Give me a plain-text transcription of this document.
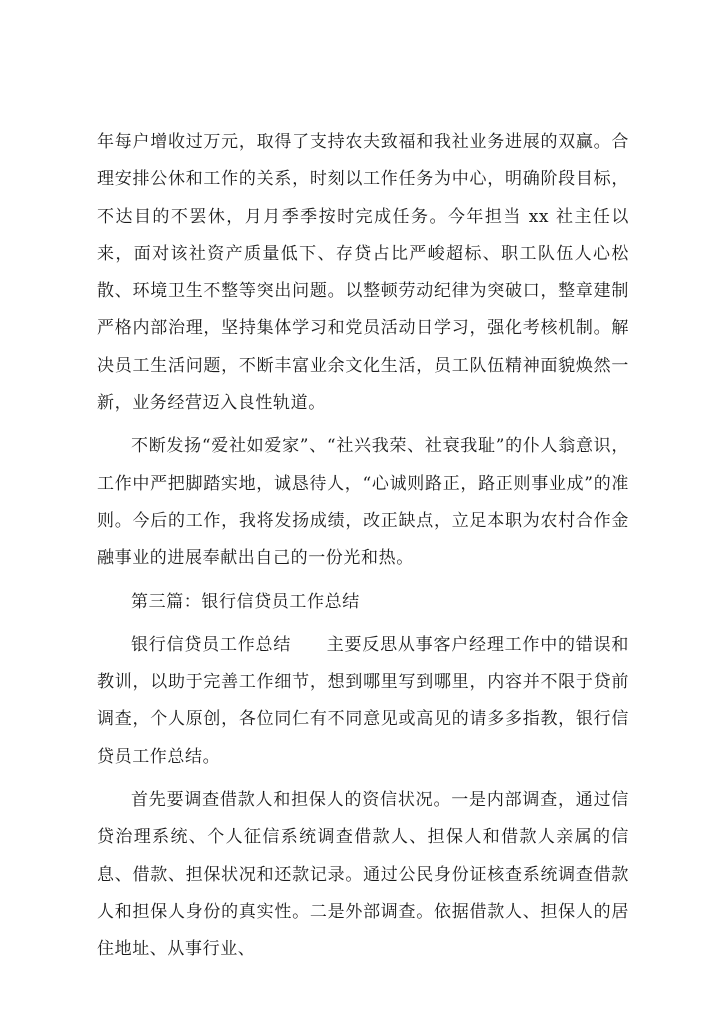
年每户增收过万元，取得了支持农夫致福和我社业务进展的双赢。合理安排公休和工作的关系，时刻以工作任务为中心，明确阶段目标，不达目的不罢休，月月季季按时完成任务。今年担当 xx 社主任以来，面对该社资产质量低下、存贷占比严峻超标、职工队伍人心松散、环境卫生不整等突出问题。以整顿劳动纪律为突破口，整章建制严格内部治理，坚持集体学习和党员活动日学习，强化考核机制。解决员工生活问题，不断丰富业余文化生活，员工队伍精神面貌焕然一新，业务经营迈入良性轨道。

不断发扬“爱社如爱家”、“社兴我荣、社衰我耻”的仆人翁意识，工作中严把脚踏实地，诚恳待人，“心诚则路正，路正则事业成”的准则。今后的工作，我将发扬成绩，改正缺点，立足本职为农村合作金融事业的进展奉献出自己的一份光和热。

第三篇：银行信贷员工作总结

银行信贷员工作总结　　主要反思从事客户经理工作中的错误和教训，以助于完善工作细节，想到哪里写到哪里，内容并不限于贷前调查，个人原创，各位同仁有不同意见或高见的请多多指教，银行信贷员工作总结。

首先要调查借款人和担保人的资信状况。一是内部调查，通过信贷治理系统、个人征信系统调查借款人、担保人和借款人亲属的信息、借款、担保状况和还款记录。通过公民身份证核查系统调查借款人和担保人身份的真实性。二是外部调查。依据借款人、担保人的居住地址、从事行业、
